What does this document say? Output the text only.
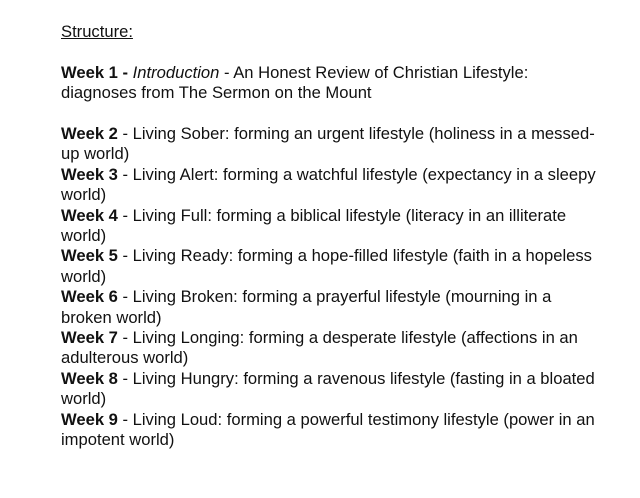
Structure:

Week 1 - Introduction - An Honest Review of Christian Lifestyle: diagnoses from The Sermon on the Mount

Week 2 - Living Sober: forming an urgent lifestyle (holiness in a messed-up world)

Week 3 - Living Alert: forming a watchful lifestyle (expectancy in a sleepy world)

Week 4 - Living Full: forming a biblical lifestyle (literacy in an illiterate world)

Week 5 - Living Ready: forming a hope-filled lifestyle (faith in a hopeless world)

Week 6 - Living Broken: forming a prayerful lifestyle (mourning in a broken world)

Week 7 - Living Longing: forming a desperate lifestyle (affections in an adulterous world)

Week 8 - Living Hungry: forming a ravenous lifestyle (fasting in a bloated world)

Week 9 - Living Loud: forming a powerful testimony lifestyle (power in an impotent world)
